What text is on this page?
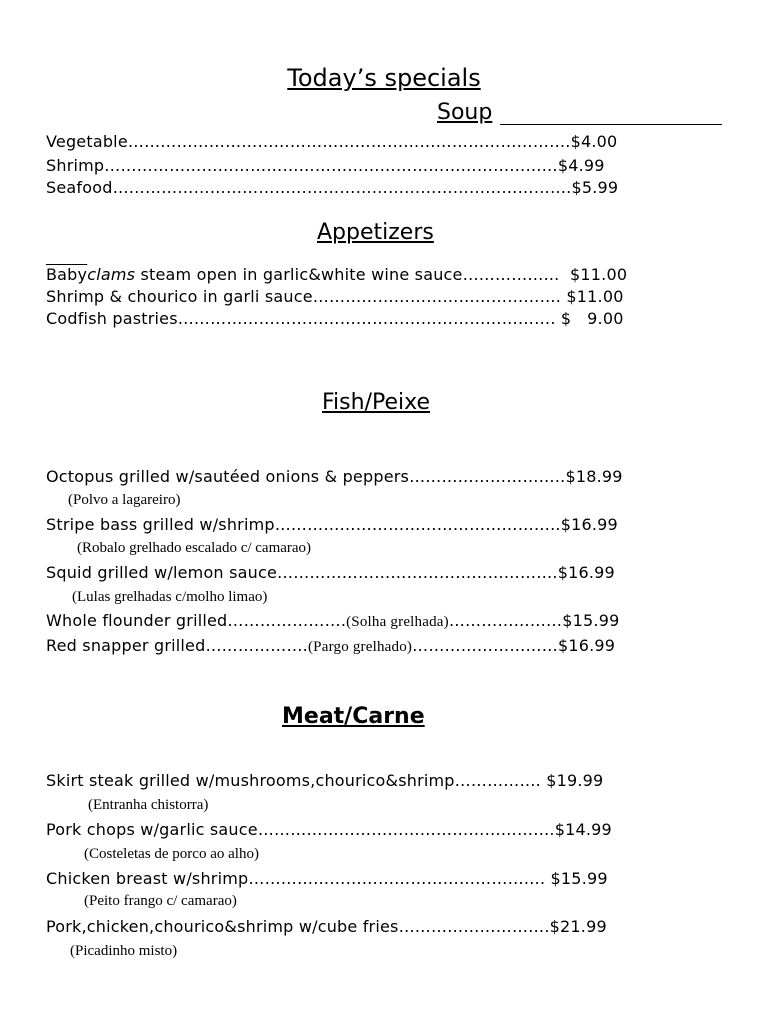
Today’s specials
Soup
Vegetable……………………………………………………………………….$4.00
Shrimp…………………………………………………………………………$4.99
Seafood………………………………………………………………………….$5.99
Appetizers
Babyclams steam open in garlic&white wine sauce……………... $11.00
Shrimp & chourico in garli sauce………………………………………. $11.00
Codfish pastries……………………………………………………………. $   9.00
Fish/Peixe
Octopus grilled w/sautéed onions & peppers………………………..$18.99
(Polvo a lagareiro)
Stripe bass grilled w/shrimp……………………………………………..$16.99
(Robalo grelhado escalado c/ camarao)
Squid grilled w/lemon sauce…………………………………………….$16.99
(Lulas grelhadas c/molho limao)
Whole flounder grilled………………….(Solha grelhada)…………………$15.99
Red snapper grilled……………….(Pargo grelhado)………………………$16.99
Meat/Carne
Skirt steak grilled w/mushrooms,chourico&shrimp……………. $19.99
(Entranha chistorra)
Pork chops w/garlic sauce……………………………………………….$14.99
(Costeletas de porco ao alho)
Chicken breast w/shrimp………………………………………………. $15.99
(Peito frango c/ camarao)
Pork,chicken,chourico&shrimp w/cube fries……………………….$21.99
(Picadinho misto)
